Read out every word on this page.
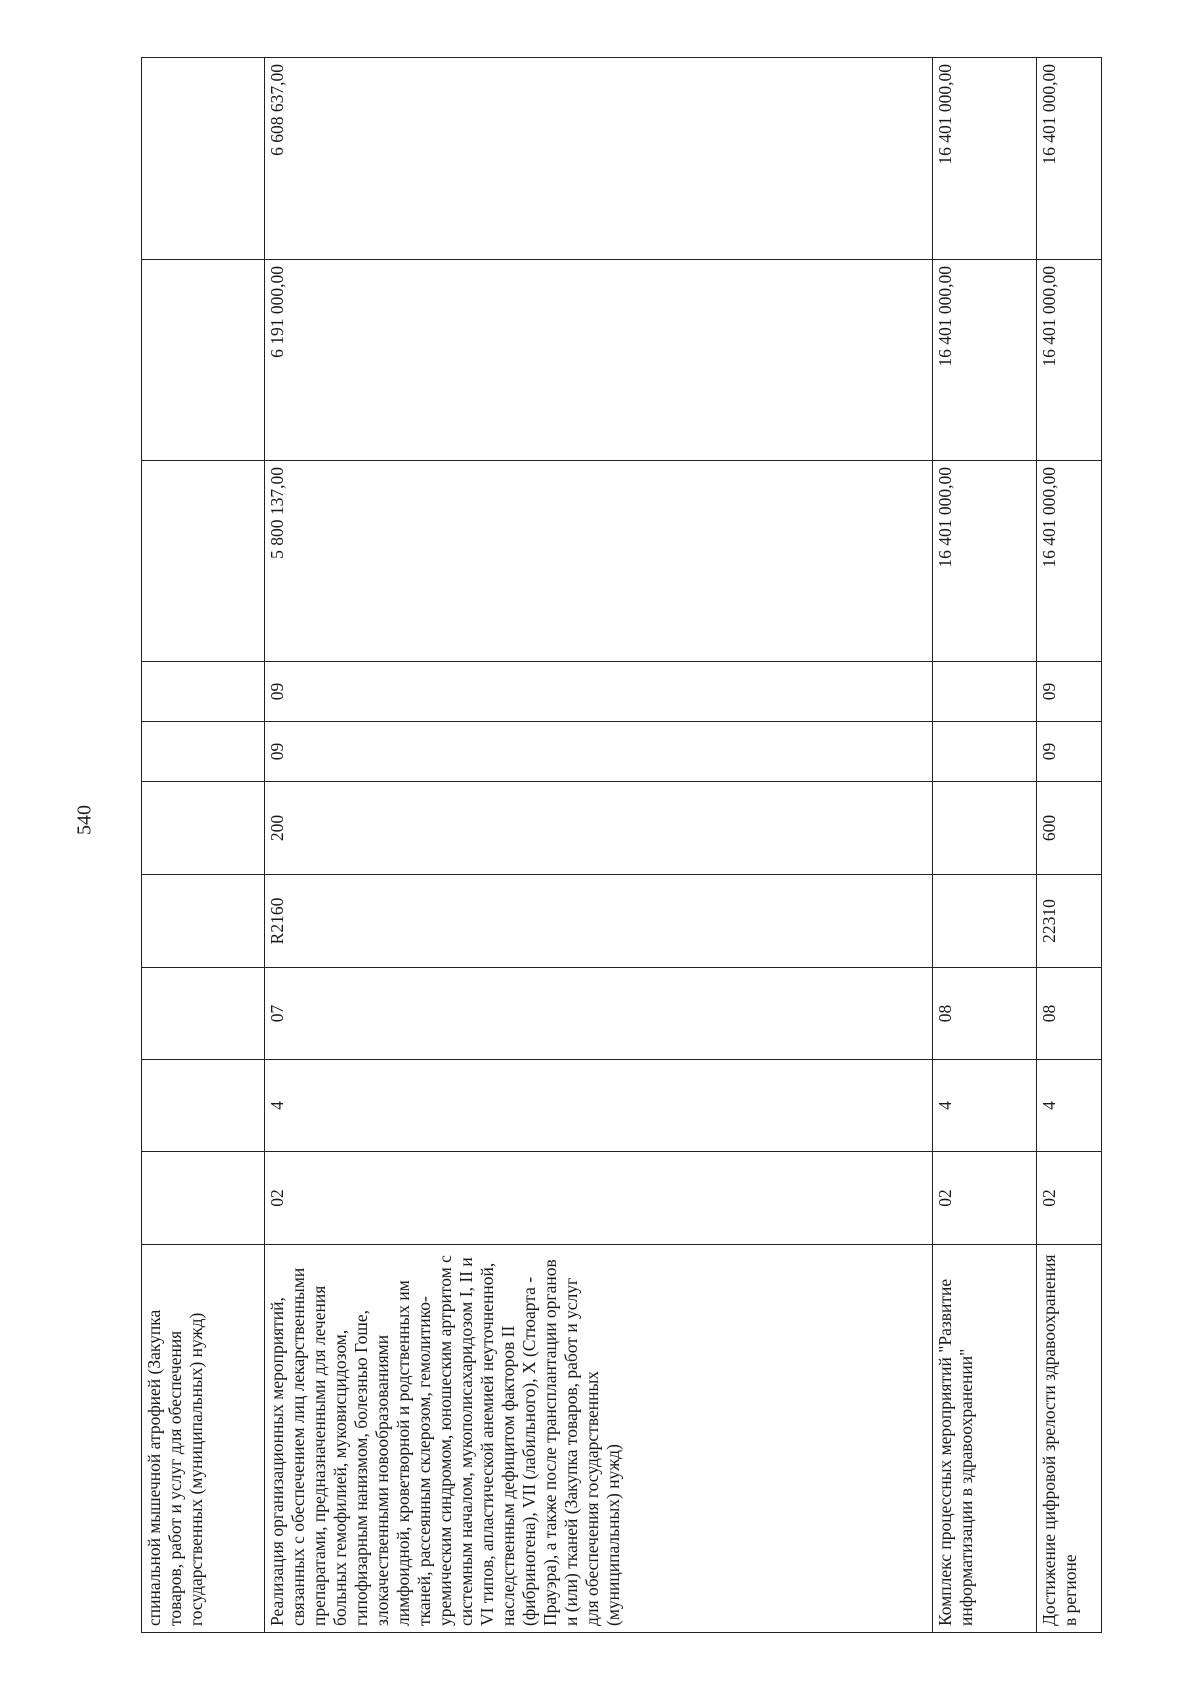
540
спинальной мышечной атрофией (Закупка товаров, работ и услуг для обеспечения государственных (муниципальных) нужд)										
Реализация организационных мероприятий, связанных с обеспечением лиц лекарственными препаратами, предназначенными для лечения больных гемофилией, муковисцидозом, гипофизарным нанизмом, болезнью Гоше, злокачественными новообразованиями лимфоидной, кроветворной и родственных им тканей, рассеянным склерозом, гемолитико-уремическим синдромом, юношеским артритом с системным началом, мукополисахаридозом I, II и VI типов, апластической анемией неуточненной, наследственным дефицитом факторов II (фибриногена), VII (лабильного), X (Стюарта - Прауэра), а также после трансплантации органов и (или) тканей (Закупка товаров, работ и услуг для обеспечения государственных (муниципальных) нужд)	02	4	07	R2160	200	09	09	5 800 137,00	6 191 000,00	6 608 637,00
Комплекс процессных мероприятий "Развитие информатизации в здравоохранении"	02	4	08					16 401 000,00	16 401 000,00	16 401 000,00
Достижение цифровой зрелости здравоохранения в регионе	02	4	08	22310	600	09	09	16 401 000,00	16 401 000,00	16 401 000,00
